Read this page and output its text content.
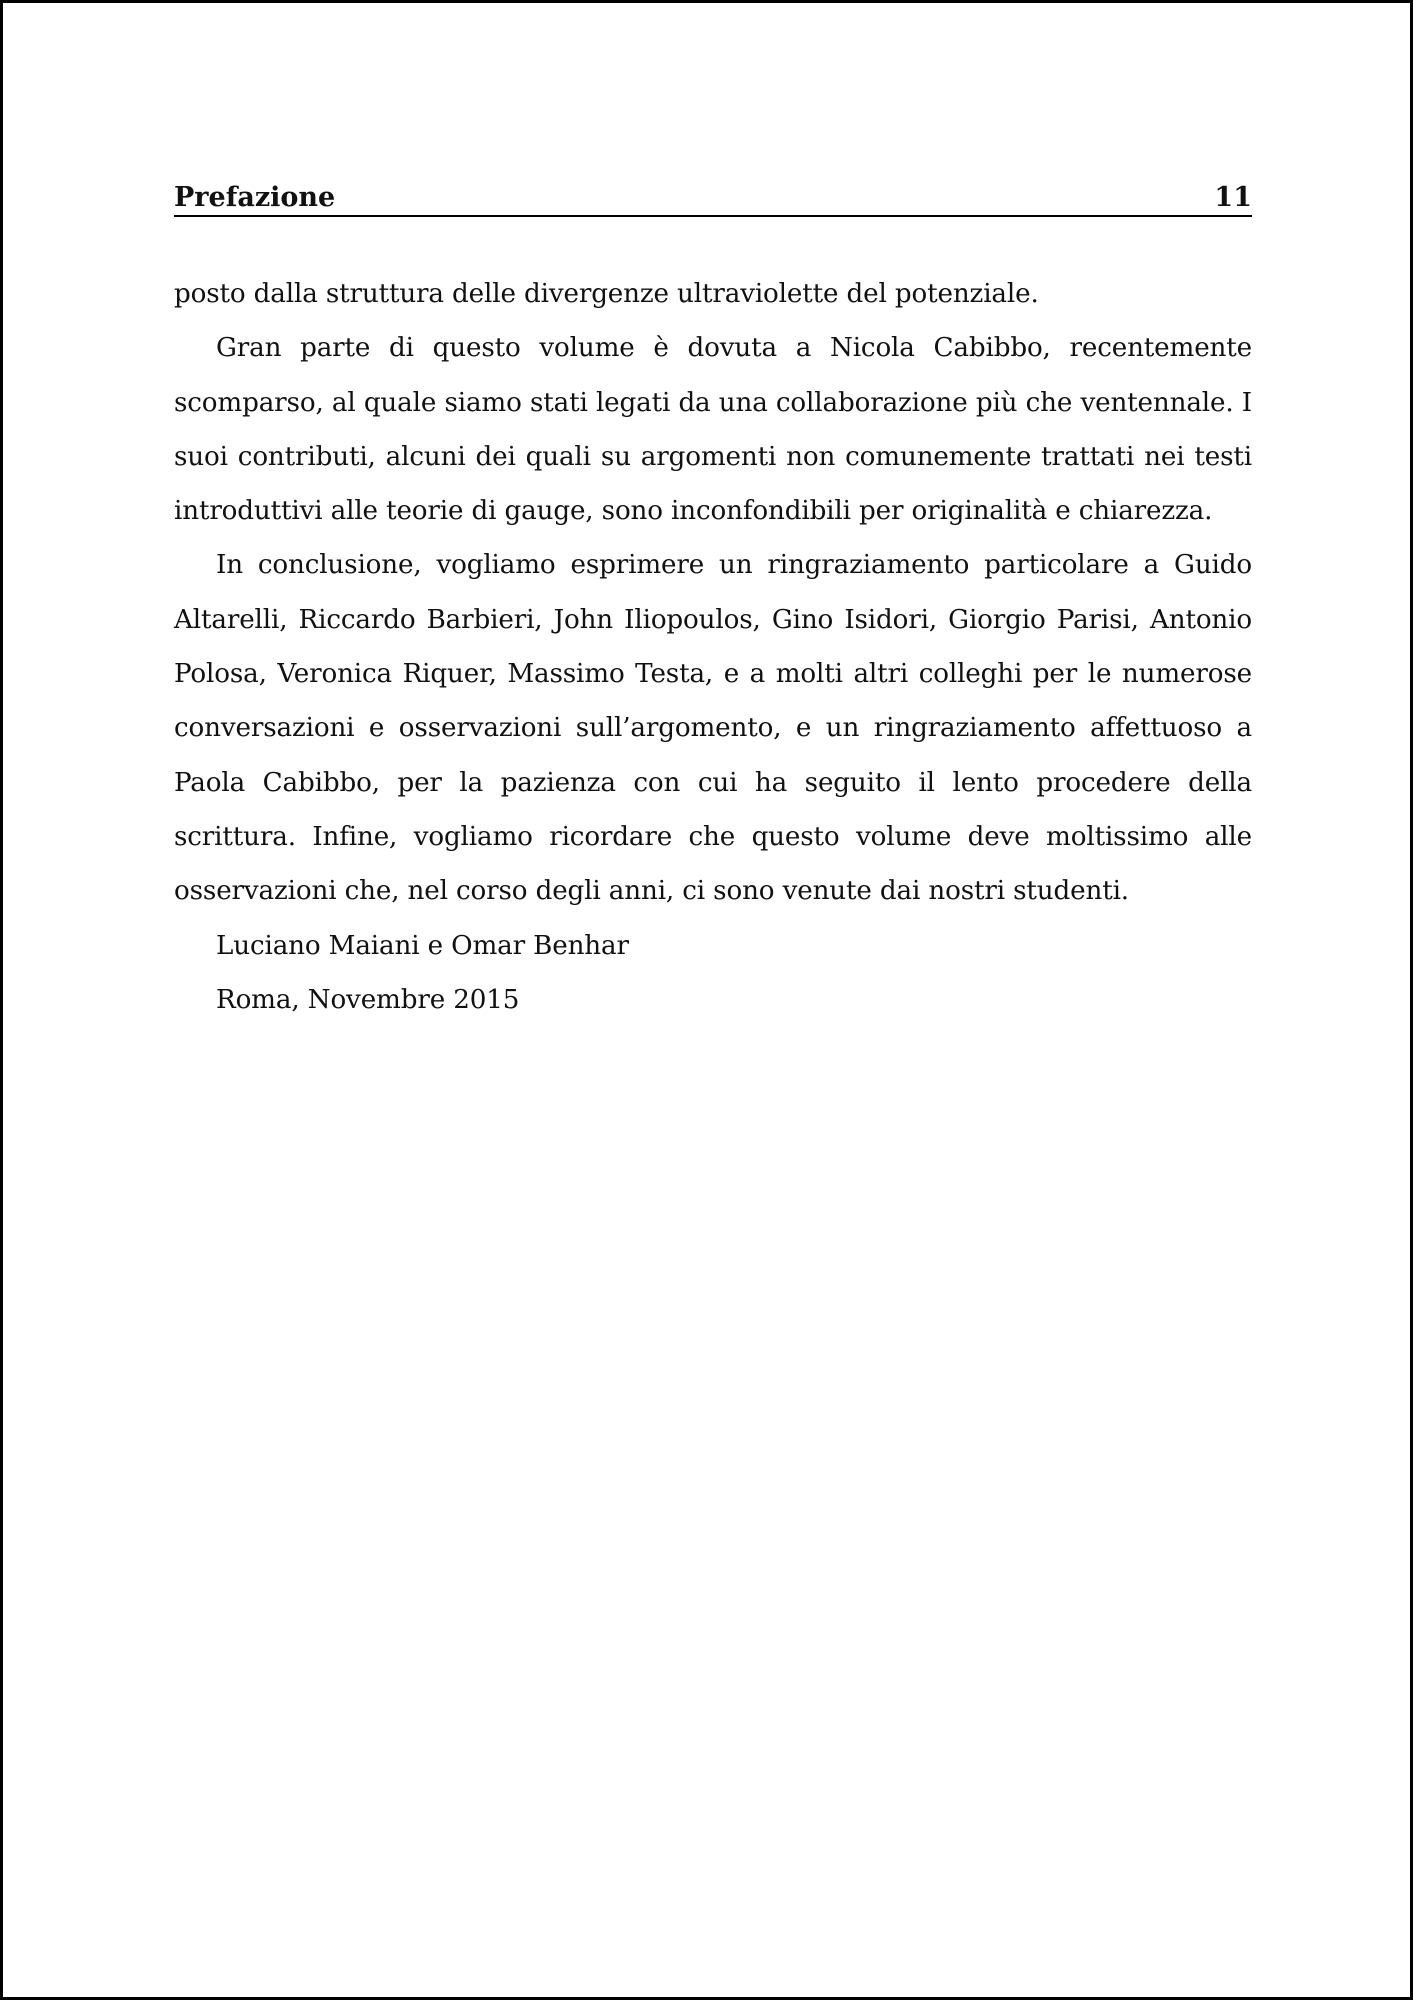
Prefazione	11

posto dalla struttura delle divergenze ultraviolette del potenziale.

Gran parte di questo volume è dovuta a Nicola Cabibbo, recentemente scomparso, al quale siamo stati legati da una collaborazione più che ventennale. I suoi contributi, alcuni dei quali su argomenti non comunemente trattati nei testi introduttivi alle teorie di gauge, sono inconfondibili per originalità e chiarezza.

In conclusione, vogliamo esprimere un ringraziamento particolare a Guido Altarelli, Riccardo Barbieri, John Iliopoulos, Gino Isidori, Giorgio Parisi, Antonio Polosa, Veronica Riquer, Massimo Testa, e a molti altri colleghi per le numerose conversazioni e osservazioni sull’argomento, e un ringraziamento affettuoso a Paola Cabibbo, per la pazienza con cui ha seguito il lento procedere della scrittura. Infine, vogliamo ricordare che questo volume deve moltissimo alle osservazioni che, nel corso degli anni, ci sono venute dai nostri studenti.

Luciano Maiani e Omar Benhar

Roma, Novembre 2015
